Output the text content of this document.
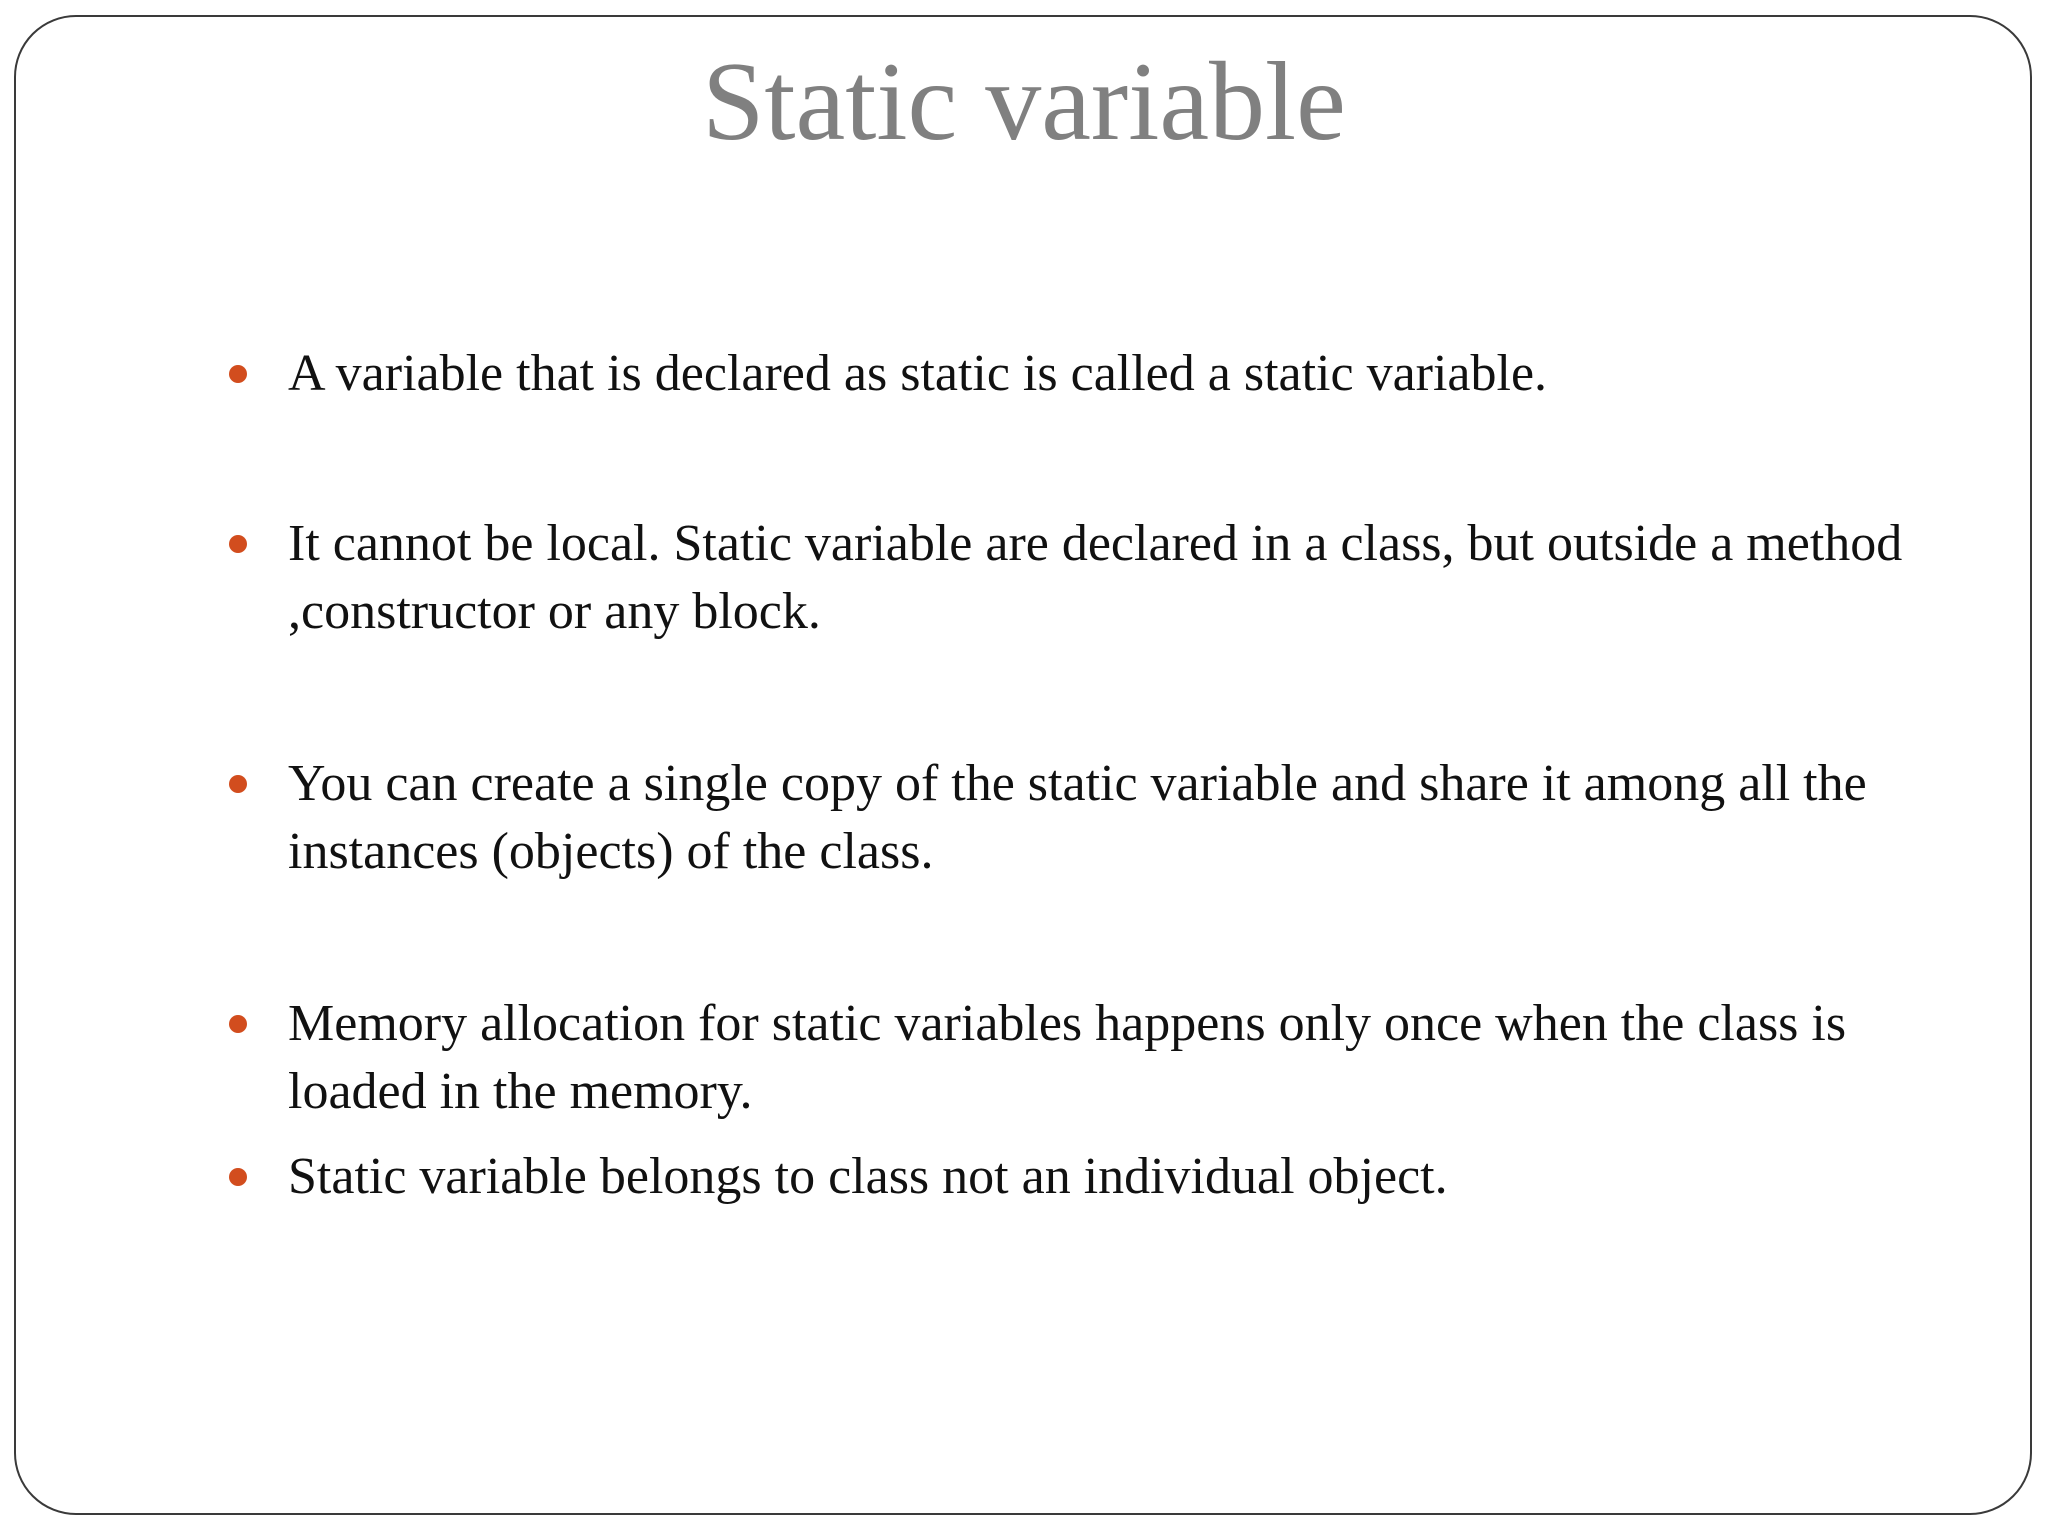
Static variable
A variable that is declared as static is called a static variable.
It cannot be local. Static variable are declared in a class, but outside a method ,constructor or any block.
You can create a single copy of the static variable and share it among all the instances (objects) of the class.
Memory allocation for static variables happens only once when the class is loaded in the memory.
Static variable belongs to class not an individual object.
